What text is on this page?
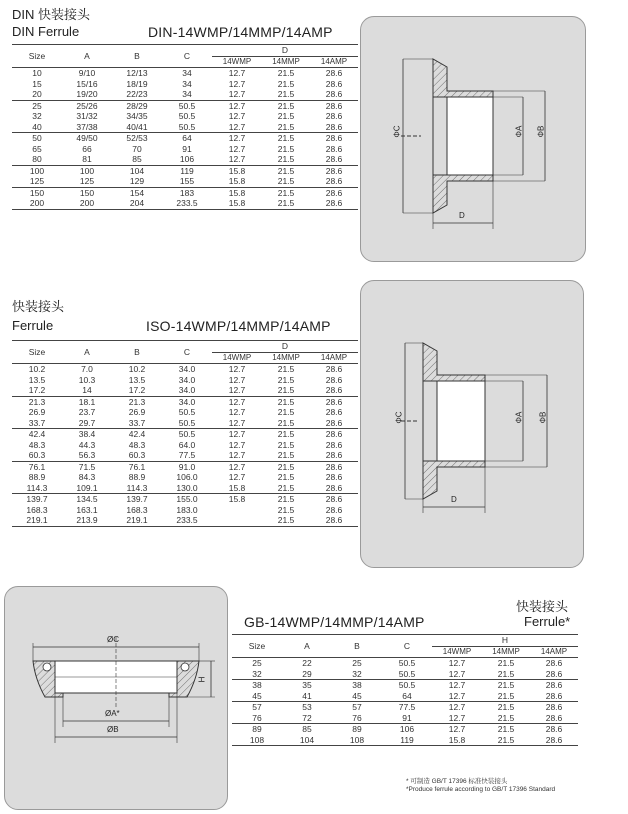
DIN 快装接头
DIN Ferrule	DIN-14WMP/14MMP/14AMP
Size	A	B	C	D		
				14WMP	14MMP	14AMP
10	9/10	12/13	34	12.7	21.5	28.6
15	15/16	18/19	34	12.7	21.5	28.6
20	19/20	22/23	34	12.7	21.5	28.6
25	25/26	28/29	50.5	12.7	21.5	28.6
32	31/32	34/35	50.5	12.7	21.5	28.6
40	37/38	40/41	50.5	12.7	21.5	28.6
50	49/50	52/53	64	12.7	21.5	28.6
65	66	70	91	12.7	21.5	28.6
80	81	85	106	12.7	21.5	28.6
100	100	104	119	15.8	21.5	28.6
125	125	129	155	15.8	21.5	28.6
150	150	154	183	15.8	21.5	28.6
200	200	204	233.5	15.8	21.5	28.6
ΦC	ΦA ΦB
D
快装接头
Ferrule	ISO-14WMP/14MMP/14AMP
Size	A	B	C	D		
				14WMP	14MMP	14AMP
10.2	7.0	10.2	34.0	12.7	21.5	28.6
13.5	10.3	13.5	34.0	12.7	21.5	28.6
17.2	14	17.2	34.0	12.7	21.5	28.6
21.3	18.1	21.3	34.0	12.7	21.5	28.6
26.9	23.7	26.9	50.5	12.7	21.5	28.6
33.7	29.7	33.7	50.5	12.7	21.5	28.6
42.4	38.4	42.4	50.5	12.7	21.5	28.6
48.3	44.3	48.3	64.0	12.7	21.5	28.6
60.3	56.3	60.3	77.5	12.7	21.5	28.6
76.1	71.5	76.1	91.0	12.7	21.5	28.6
88.9	84.3	88.9	106.0	12.7	21.5	28.6
114.3	109.1	114.3	130.0	15.8	21.5	28.6
139.7	134.5	139.7	155.0	15.8	21.5	28.6
168.3	163.1	168.3	183.0		21.5	28.6
219.1	213.9	219.1	233.5		21.5	28.6
ΦC	ΦA ΦB
D
ØC
H
ØA*
ØB
快装接头
GB-14WMP/14MMP/14AMP	Ferrule*
Size	A	B	C	H		
				14WMP	14MMP	14AMP
25	22	25	50.5	12.7	21.5	28.6
32	29	32	50.5	12.7	21.5	28.6
38	35	38	50.5	12.7	21.5	28.6
45	41	45	64	12.7	21.5	28.6
57	53	57	77.5	12.7	21.5	28.6
76	72	76	91	12.7	21.5	28.6
89	85	89	106	12.7	21.5	28.6
108	104	108	119	15.8	21.5	28.6
* 可制造 GB/T 17396 标准快装接头
*Produce ferrule according to GB/T 17396 Standard
